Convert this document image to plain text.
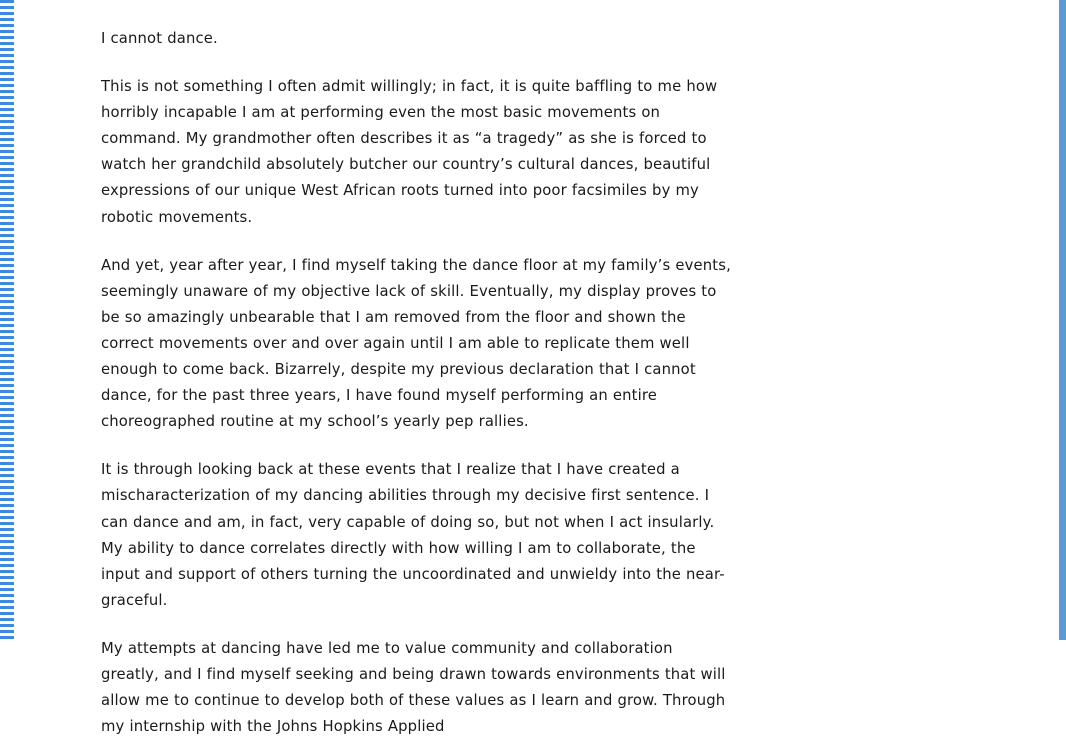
I cannot dance.

This is not something I often admit willingly; in fact, it is quite baffling to me how horribly incapable I am at performing even the most basic movements on command. My grandmother often describes it as “a tragedy” as she is forced to watch her grandchild absolutely butcher our country’s cultural dances, beautiful expressions of our unique West African roots turned into poor facsimiles by my robotic movements.

And yet, year after year, I find myself taking the dance floor at my family’s events, seemingly unaware of my objective lack of skill. Eventually, my display proves to be so amazingly unbearable that I am removed from the floor and shown the correct movements over and over again until I am able to replicate them well enough to come back. Bizarrely, despite my previous declaration that I cannot dance, for the past three years, I have found myself performing an entire choreographed routine at my school’s yearly pep rallies.

It is through looking back at these events that I realize that I have created a mischaracterization of my dancing abilities through my decisive first sentence. I can dance and am, in fact, very capable of doing so, but not when I act insularly. My ability to dance correlates directly with how willing I am to collaborate, the input and support of others turning the uncoordinated and unwieldy into the near-graceful.

My attempts at dancing have led me to value community and collaboration greatly, and I find myself seeking and being drawn towards environments that will allow me to continue to develop both of these values as I learn and grow. Through my internship with the Johns Hopkins Applied
